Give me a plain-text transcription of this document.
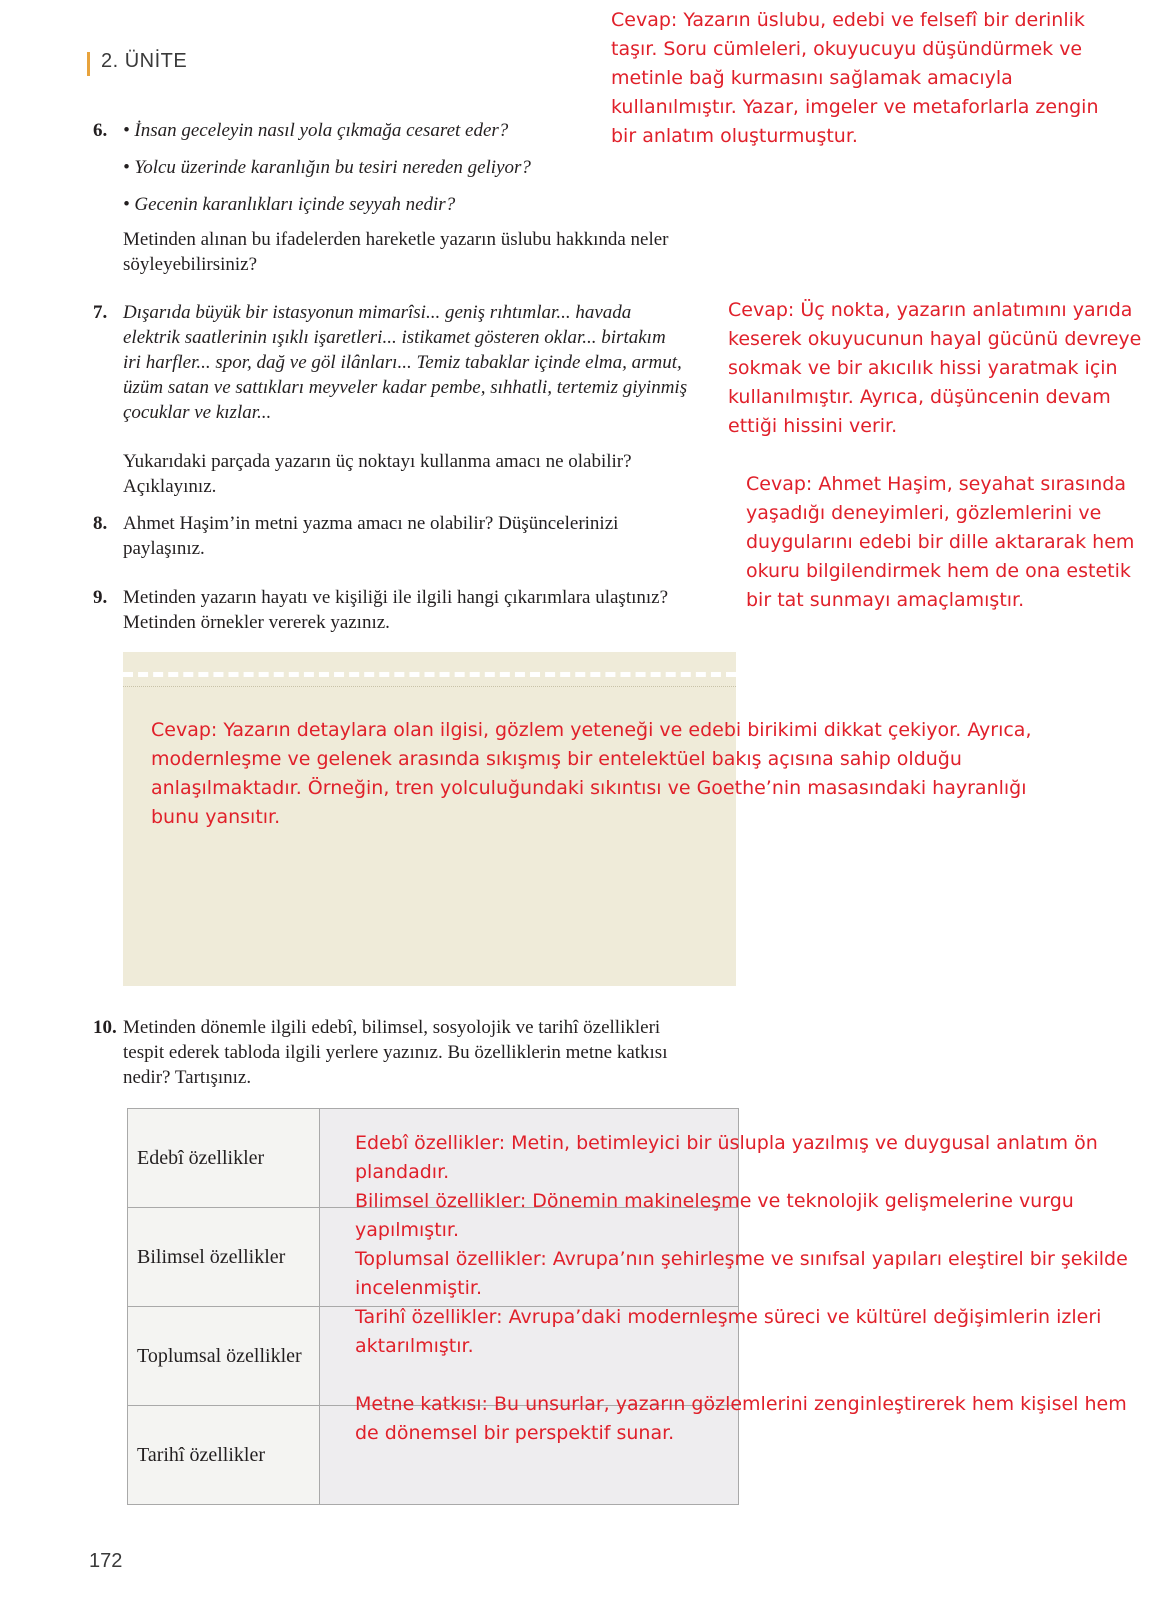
2. ÜNİTE
6. • İnsan geceleyin nasıl yola çıkmağa cesaret eder?
• Yolcu üzerinde karanlığın bu tesiri nereden geliyor?
• Gecenin karanlıkları içinde seyyah nedir?
Metinden alınan bu ifadelerden hareketle yazarın üslubu hakkında neler
söyleyebilirsiniz?
Cevap: Yazarın üslubu, edebi ve felsefî bir derinlik
taşır. Soru cümleleri, okuyucuyu düşündürmek ve
metinle bağ kurmasını sağlamak amacıyla
kullanılmıştır. Yazar, imgeler ve metaforlarla zengin
bir anlatım oluşturmuştur.
7. Dışarıda büyük bir istasyonun mimarîsi... geniş rıhtımlar... havada
elektrik saatlerinin ışıklı işaretleri... istikamet gösteren oklar... birtakım
iri harfler... spor, dağ ve göl ilânları... Temiz tabaklar içinde elma, armut,
üzüm satan ve sattıkları meyveler kadar pembe, sıhhatli, tertemiz giyinmiş
çocuklar ve kızlar...
Yukarıdaki parçada yazarın üç noktayı kullanma amacı ne olabilir?
Açıklayınız.
Cevap: Üç nokta, yazarın anlatımını yarıda
keserek okuyucunun hayal gücünü devreye
sokmak ve bir akıcılık hissi yaratmak için
kullanılmıştır. Ayrıca, düşüncenin devam
ettiği hissini verir.
8. Ahmet Haşim’in metni yazma amacı ne olabilir? Düşüncelerinizi
paylaşınız.
Cevap: Ahmet Haşim, seyahat sırasında
yaşadığı deneyimleri, gözlemlerini ve
duygularını edebi bir dille aktararak hem
okuru bilgilendirmek hem de ona estetik
bir tat sunmayı amaçlamıştır.
9. Metinden yazarın hayatı ve kişiliği ile ilgili hangi çıkarımlara ulaştınız?
Metinden örnekler vererek yazınız.
Cevap: Yazarın detaylara olan ilgisi, gözlem yeteneği ve edebi birikimi dikkat çekiyor. Ayrıca,
modernleşme ve gelenek arasında sıkışmış bir entelektüel bakış açısına sahip olduğu
anlaşılmaktadır. Örneğin, tren yolculuğundaki sıkıntısı ve Goethe’nin masasındaki hayranlığı
bunu yansıtır.
10. Metinden dönemle ilgili edebî, bilimsel, sosyolojik ve tarihî özellikleri
tespit ederek tabloda ilgili yerlere yazınız. Bu özelliklerin metne katkısı
nedir? Tartışınız.
Edebî özellikler	
Bilimsel özellikler	
Toplumsal özellikler	
Tarihî özellikler	
Edebî özellikler: Metin, betimleyici bir üslupla yazılmış ve duygusal anlatım ön
plandadır.
Bilimsel özellikler: Dönemin makineleşme ve teknolojik gelişmelerine vurgu
yapılmıştır.
Toplumsal özellikler: Avrupa’nın şehirleşme ve sınıfsal yapıları eleştirel bir şekilde
incelenmiştir.
Tarihî özellikler: Avrupa’daki modernleşme süreci ve kültürel değişimlerin izleri
aktarılmıştır.
Metne katkısı: Bu unsurlar, yazarın gözlemlerini zenginleştirerek hem kişisel hem
de dönemsel bir perspektif sunar.
172
